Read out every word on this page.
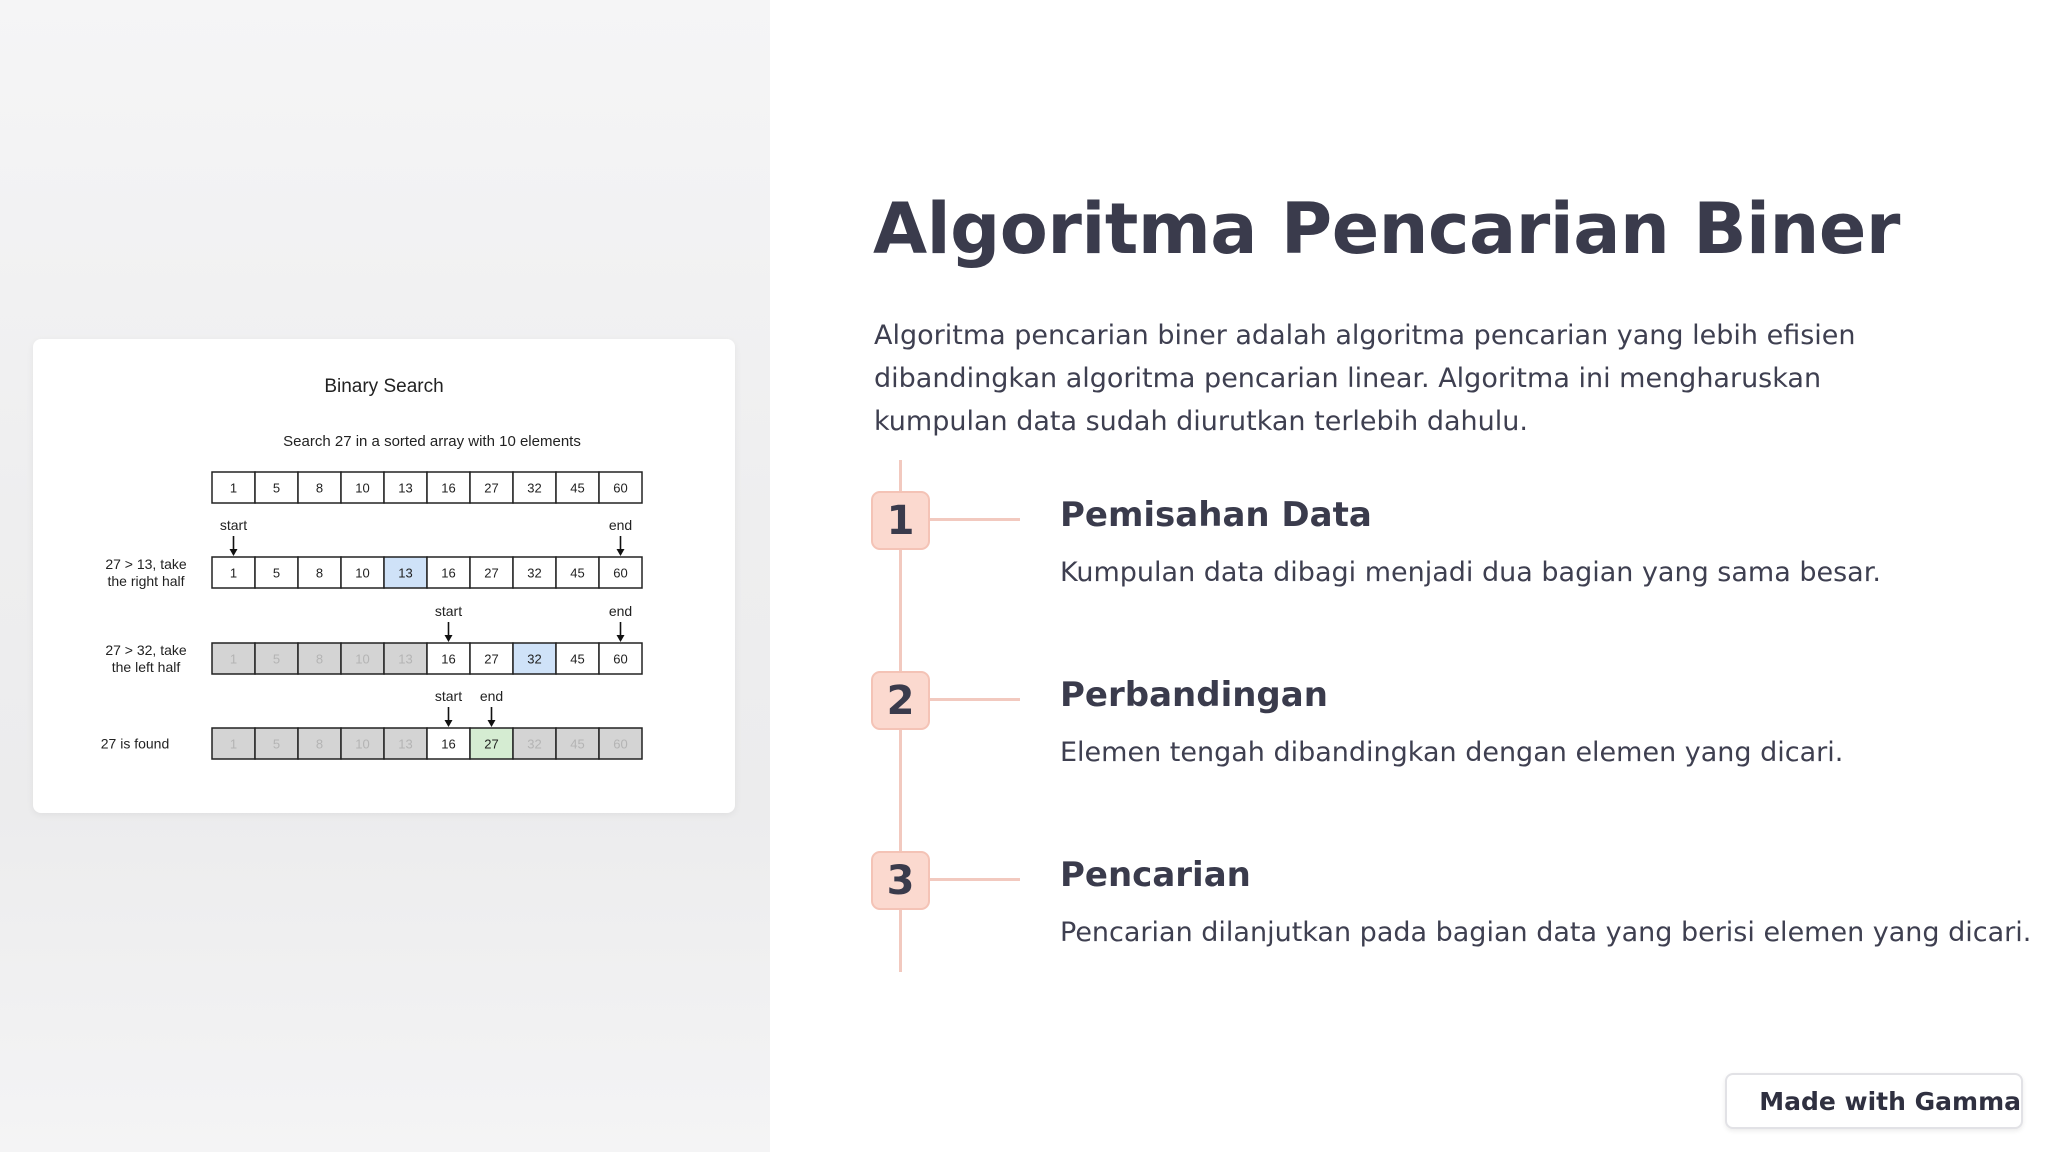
Binary Search
Search 27 in a sorted array with 10 elements
1	5	8 10 13 16 27 32 45 60
1	5	8 10 13 16 27 32 45 60
27 > 13, take
the right half
start	end
1	5	8 10 13 16 27 32 45 60
27 > 32, take
the left half
start	end
1	5	8 10 13 16 27 32 45 60
27 is found
start end
Algoritma Pencarian Biner

Algoritma pencarian biner adalah algoritma pencarian yang lebih efisien dibandingkan algoritma pencarian linear. Algoritma ini mengharuskan kumpulan data sudah diurutkan terlebih dahulu.

1	Pemisahan Data

Kumpulan data dibagi menjadi dua bagian yang sama besar.

2	Perbandingan

Elemen tengah dibandingkan dengan elemen yang dicari.

3	Pencarian

Pencarian dilanjutkan pada bagian data yang berisi elemen yang dicari.

Made with Gamma
